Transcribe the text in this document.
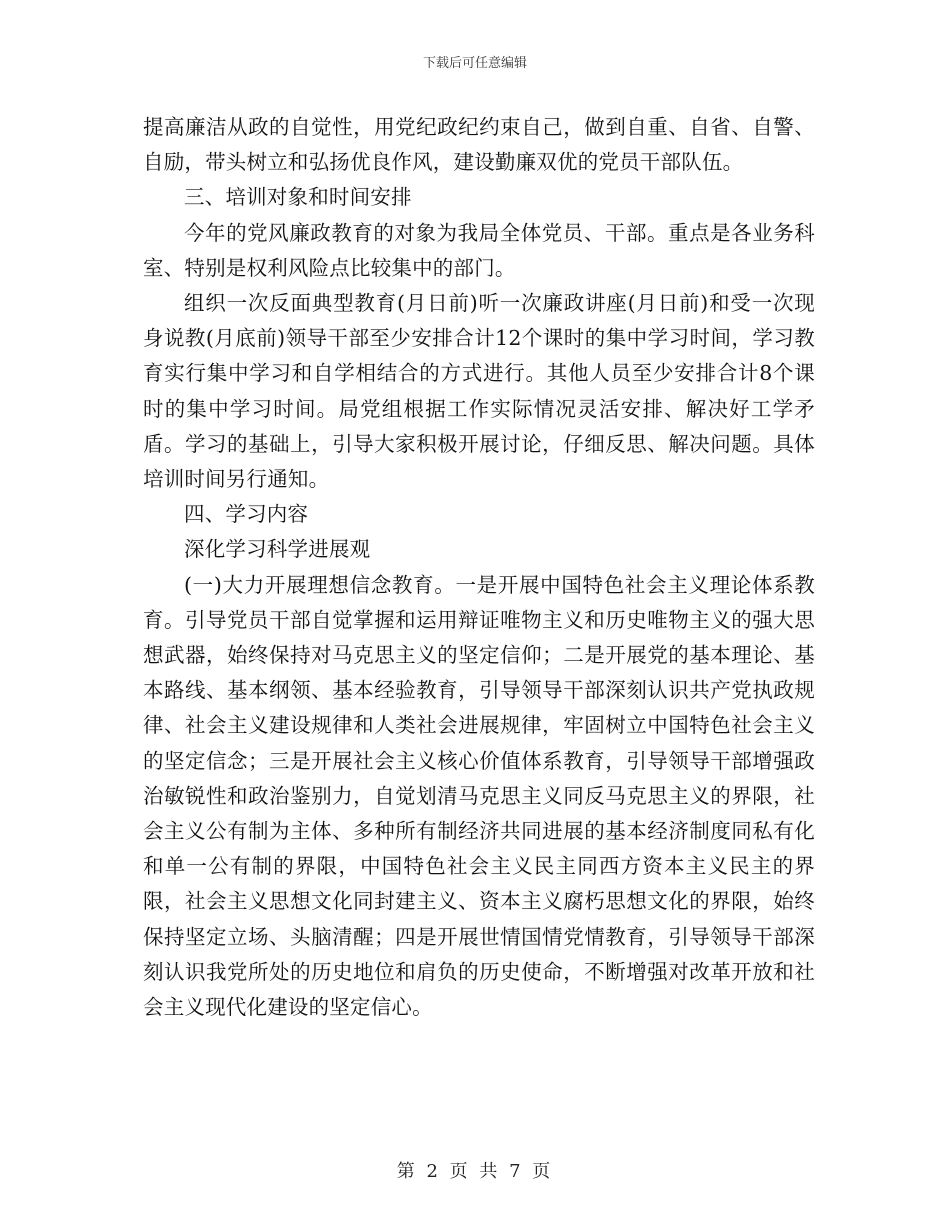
下载后可任意编辑

提高廉洁从政的自觉性，用党纪政纪约束自己，做到自重、自省、自警、自励，带头树立和弘扬优良作风，建设勤廉双优的党员干部队伍。

三、培训对象和时间安排

今年的党风廉政教育的对象为我局全体党员、干部。重点是各业务科室、特别是权利风险点比较集中的部门。

组织一次反面典型教育(月日前)听一次廉政讲座(月日前)和受一次现身说教(月底前)领导干部至少安排合计12个课时的集中学习时间，学习教育实行集中学习和自学相结合的方式进行。其他人员至少安排合计8个课时的集中学习时间。局党组根据工作实际情况灵活安排、解决好工学矛盾。学习的基础上，引导大家积极开展讨论，仔细反思、解决问题。具体培训时间另行通知。

四、学习内容

深化学习科学进展观

(一)大力开展理想信念教育。一是开展中国特色社会主义理论体系教育。引导党员干部自觉掌握和运用辩证唯物主义和历史唯物主义的强大思想武器，始终保持对马克思主义的坚定信仰；二是开展党的基本理论、基本路线、基本纲领、基本经验教育，引导领导干部深刻认识共产党执政规律、社会主义建设规律和人类社会进展规律，牢固树立中国特色社会主义的坚定信念；三是开展社会主义核心价值体系教育，引导领导干部增强政治敏锐性和政治鉴别力，自觉划清马克思主义同反马克思主义的界限，社会主义公有制为主体、多种所有制经济共同进展的基本经济制度同私有化和单一公有制的界限，中国特色社会主义民主同西方资本主义民主的界限，社会主义思想文化同封建主义、资本主义腐朽思想文化的界限，始终保持坚定立场、头脑清醒；四是开展世情国情党情教育，引导领导干部深刻认识我党所处的历史地位和肩负的历史使命，不断增强对改革开放和社会主义现代化建设的坚定信心。

第 2 页 共 7 页
